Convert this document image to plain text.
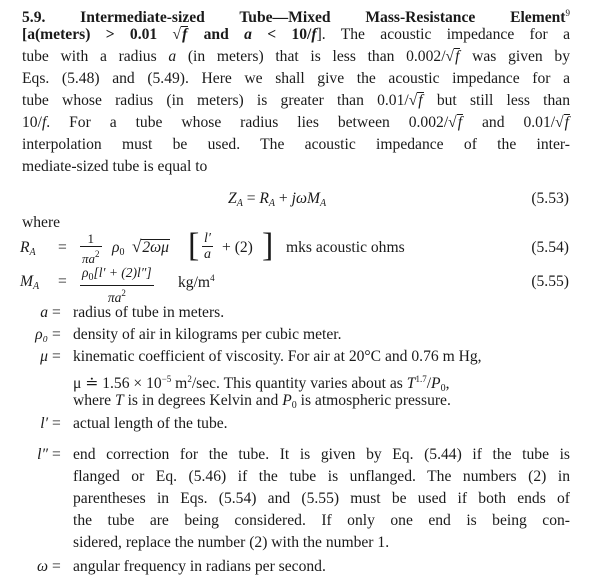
5.9. Intermediate-sized Tube—Mixed Mass-Resistance Element$^9$
[a(meters) > 0.01 √f and a < 10/f]. The acoustic impedance for a
tube with a radius a (in meters) that is less than 0.002/√f was given by
Eqs. (5.48) and (5.49). Here we shall give the acoustic impedance for a
tube whose radius (in meters) is greater than 0.01/√f but still less than
10/f. For a tube whose radius lies between 0.002/√f and 0.01/√f
interpolation must be used. The acoustic impedance of the inter-
mediate-sized tube is equal to
$Z_A = R_A + j\omega M_A$	(5.53)
where
$R_A$ =
1
$\pi a^2$ $\rho_0$ √2ωμ [ l′
a + (2) ] mks acoustic ohms	(5.54)
$M_A = \frac{\rho_0[l' + (2)l'']}{\pi a^2} kg/m^4$	(5.55)
a = radius of tube in meters.
ρ₀ = density of air in kilograms per cubic meter.
μ = kinematic coefficient of viscosity. For air at 20°C and 0.76 m Hg,
μ ≐ $1.56 \times 10^{-5}$ $m^2/\sec$. This quantity varies about as $T^{1.7}/P_0$,
where T is in degrees Kelvin and $P_0$ is atmospheric pressure.
l′ = actual length of the tube.
l″ = end correction for the tube. It is given by Eq. (5.44) if the tube is
flanged or Eq. (5.46) if the tube is unflanged. The numbers (2) in
parentheses in Eqs. (5.54) and (5.55) must be used if both ends of
the tube are being considered. If only one end is being con-
sidered, replace the number (2) with the number 1.
ω = angular frequency in radians per second.
